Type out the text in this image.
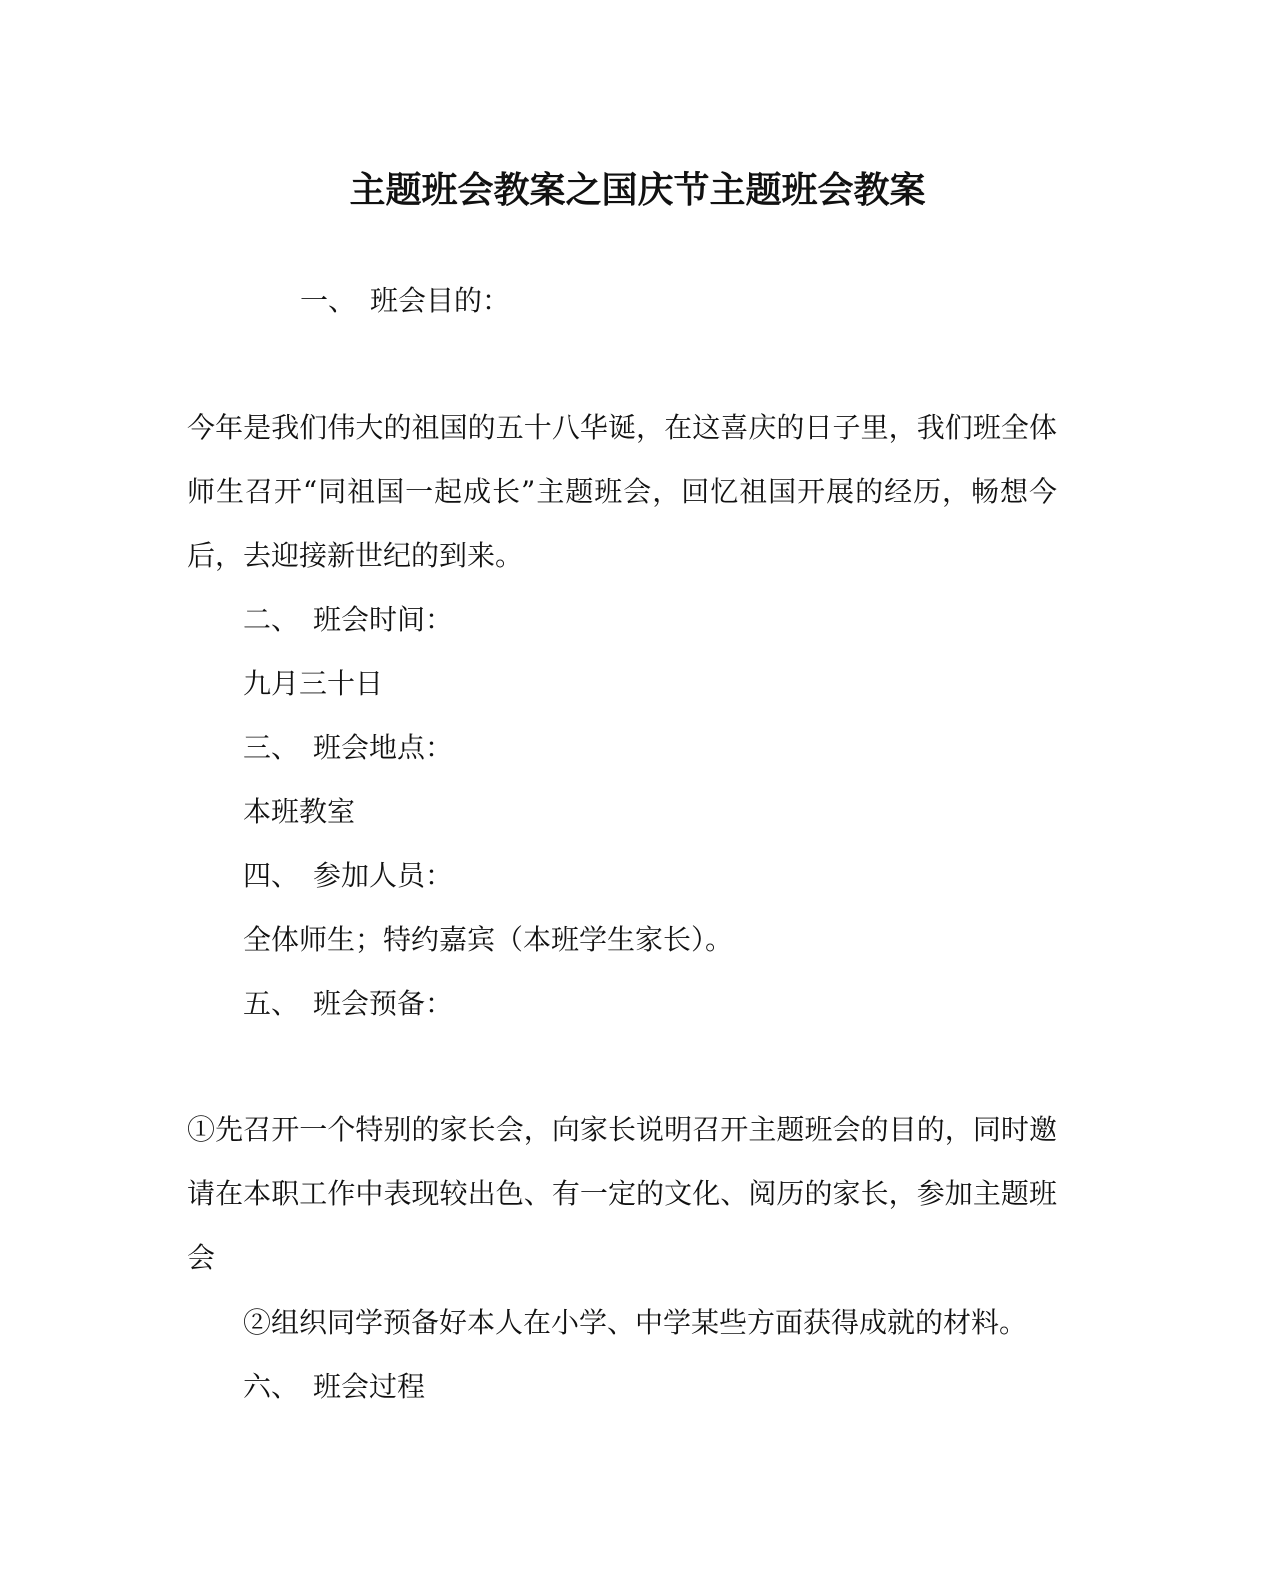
主题班会教案之国庆节主题班会教案
一、 班会目的：
今年是我们伟大的祖国的五十八华诞，在这喜庆的日子里，我们班全体师生召开“同祖国一起成长”主题班会，回忆祖国开展的经历，畅想今后，去迎接新世纪的到来。
二、 班会时间：
九月三十日
三、 班会地点：
本班教室
四、 参加人员：
全体师生；特约嘉宾（本班学生家长）。
五、 班会预备：
①先召开一个特别的家长会，向家长说明召开主题班会的目的，同时邀请在本职工作中表现较出色、有一定的文化、阅历的家长，参加主题班会
②组织同学预备好本人在小学、中学某些方面获得成就的材料。
六、 班会过程
